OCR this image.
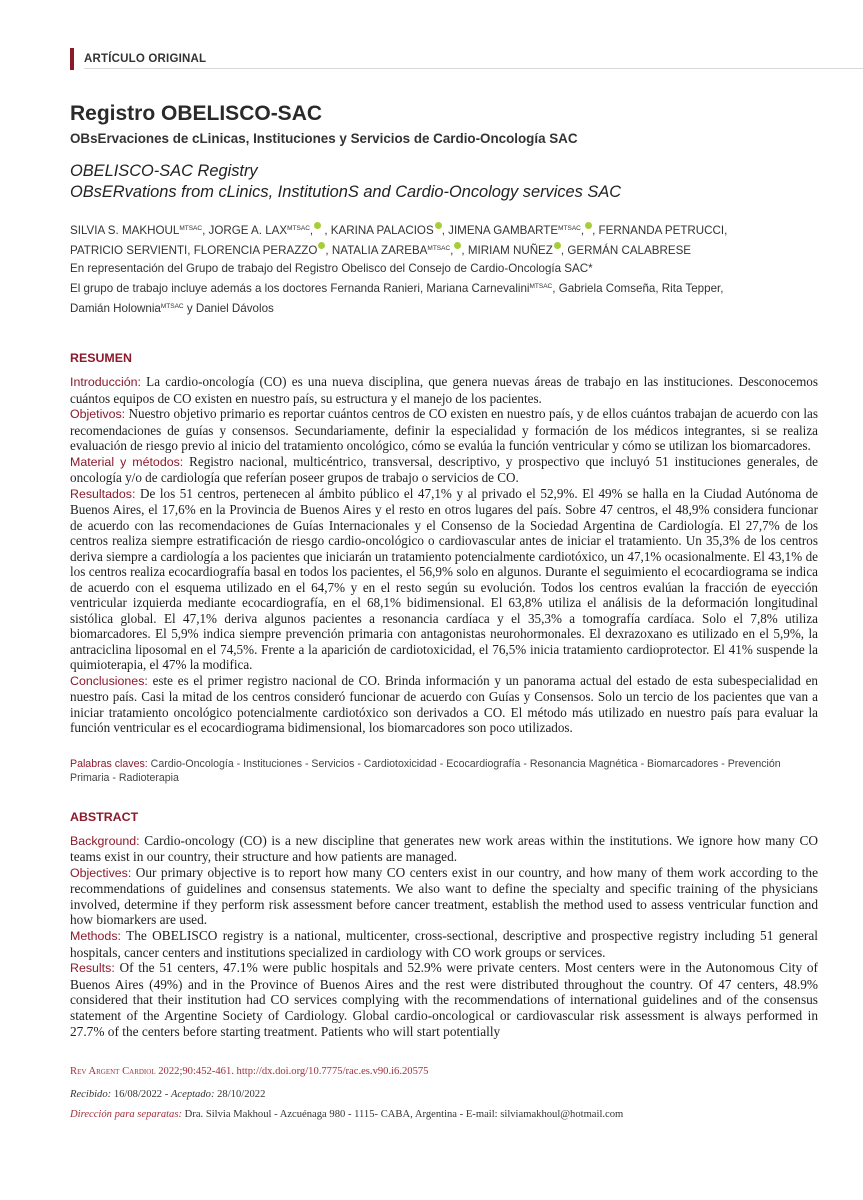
ARTÍCULO ORIGINAL
Registro OBELISCO-SAC
OBsErvaciones de cLinicas, Instituciones y Servicios de Cardio-Oncología SAC
OBELISCO-SAC Registry
OBsERvations from cLinics, InstitutionS and Cardio-Oncology services SAC
SILVIA S. $MAKHOUL^{MTSAC}$, JORGE A. $LAX^{MTSAC}$, , KARINA PALACIOS , JIMENA $GAMBARTE^{MTSAC}$, , FERNANDA PETRUCCI,
PATRICIO SERVIENTI, FLORENCIA PERAZZO , NATALIA $ZAREBA^{MTSAC}$, , MIRIAM NUÑEZ , GERMÁN CALABRESE
En representación del Grupo de trabajo del Registro Obelisco del Consejo de Cardio-Oncología SAC*
El grupo de trabajo incluye además a los doctores Fernanda Ranieri, Mariana Carnevalini$^{MTSAC}$, Gabriela Comseña, Rita Tepper,
Damián Holownia$^{MTSAC}$ y Daniel Dávolos
RESUMEN

Introducción: La cardio-oncología (CO) es una nueva disciplina, que genera nuevas áreas de trabajo en las instituciones. Desconocemos cuántos equipos de CO existen en nuestro país, su estructura y el manejo de los pacientes.

Objetivos: Nuestro objetivo primario es reportar cuántos centros de CO existen en nuestro país, y de ellos cuántos trabajan de acuerdo con las recomendaciones de guías y consensos. Secundariamente, definir la especialidad y formación de los médicos integrantes, si se realiza evaluación de riesgo previo al inicio del tratamiento oncológico, cómo se evalúa la función ventricular y cómo se utilizan los biomarcadores.

Material y métodos: Registro nacional, multicéntrico, transversal, descriptivo, y prospectivo que incluyó 51 instituciones generales, de oncología y/o de cardiología que referían poseer grupos de trabajo o servicios de CO.

Resultados: De los 51 centros, pertenecen al ámbito público el 47,1% y al privado el 52,9%. El 49% se halla en la Ciudad Autónoma de Buenos Aires, el 17,6% en la Provincia de Buenos Aires y el resto en otros lugares del país. Sobre 47 centros, el 48,9% considera funcionar de acuerdo con las recomendaciones de Guías Internacionales y el Consenso de la Sociedad Argentina de Cardiología. El 27,7% de los centros realiza siempre estratificación de riesgo cardio-oncológico o cardiovascular antes de iniciar el tratamiento. Un 35,3% de los centros deriva siempre a cardiología a los pacientes que iniciarán un tratamiento potencialmente cardiotóxico, un 47,1% ocasionalmente. El 43,1% de los centros realiza ecocardiografía basal en todos los pacientes, el 56,9% solo en algunos. Durante el seguimiento el ecocardiograma se indica de acuerdo con el esquema utilizado en el 64,7% y en el resto según su evolución. Todos los centros evalúan la fracción de eyección ventricular izquierda mediante ecocardiografía, en el 68,1% bidimensional. El 63,8% utiliza el análisis de la deformación longitudinal sistólica global. El 47,1% deriva algunos pacientes a resonancia cardíaca y el 35,3% a tomografía cardíaca. Solo el 7,8% utiliza biomarcadores. El 5,9% indica siempre prevención primaria con antagonistas neurohormonales. El dexrazoxano es utilizado en el 5,9%, la antraciclina liposomal en el 74,5%. Frente a la aparición de cardiotoxicidad, el 76,5% inicia tratamiento cardioprotector. El 41% suspende la quimioterapia, el 47% la modifica.

Conclusiones: este es el primer registro nacional de CO. Brinda información y un panorama actual del estado de esta subespecialidad en nuestro país. Casi la mitad de los centros consideró funcionar de acuerdo con Guías y Consensos. Solo un tercio de los pacientes que van a iniciar tratamiento oncológico potencialmente cardiotóxico son derivados a CO. El método más utilizado en nuestro país para evaluar la función ventricular es el ecocardiograma bidimensional, los biomarcadores son poco utilizados.

Palabras claves: Cardio-Oncología - Instituciones - Servicios - Cardiotoxicidad - Ecocardiografía - Resonancia Magnética - Biomarcadores - Prevención Primaria - Radioterapia
ABSTRACT

Background: Cardio-oncology (CO) is a new discipline that generates new work areas within the institutions. We ignore how many CO teams exist in our country, their structure and how patients are managed.

Objectives: Our primary objective is to report how many CO centers exist in our country, and how many of them work according to the recommendations of guidelines and consensus statements. We also want to define the specialty and specific training of the physicians involved, determine if they perform risk assessment before cancer treatment, establish the method used to assess ventricular function and how biomarkers are used.

Methods: The OBELISCO registry is a national, multicenter, cross-sectional, descriptive and prospective registry including 51 general hospitals, cancer centers and institutions specialized in cardiology with CO work groups or services.

Results: Of the 51 centers, 47.1% were public hospitals and 52.9% were private centers. Most centers were in the Autonomous City of Buenos Aires (49%) and in the Province of Buenos Aires and the rest were distributed throughout the country. Of 47 centers, 48.9% considered that their institution had CO services complying with the recommendations of international guidelines and of the consensus statement of the Argentine Society of Cardiology. Global cardio-oncological or cardiovascular risk assessment is always performed in 27.7% of the centers before starting treatment. Patients who will start potentially

Rev Argent Cardiol 2022;90:452-461. http://dx.doi.org/10.7775/rac.es.v90.i6.20575
Recibido: 16/08/2022 - Aceptado: 28/10/2022
Dirección para separatas: Dra. Silvia Makhoul - Azcuénaga 980 - 1115- CABA, Argentina - E-mail: silviamakhoul@hotmail.com
